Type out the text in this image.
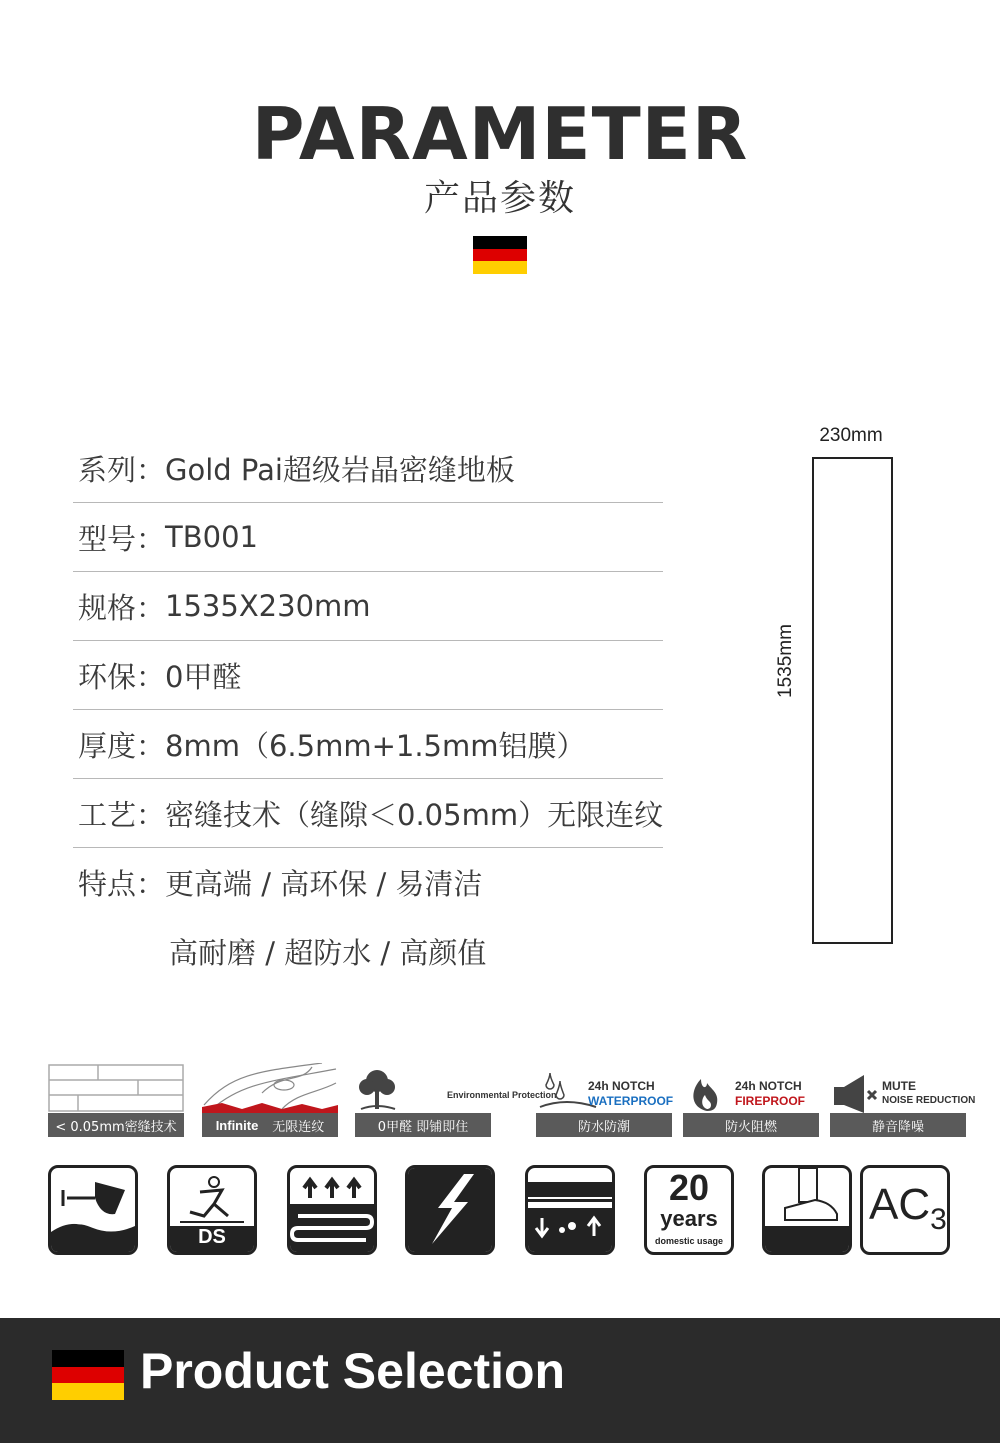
PARAMETER
产品参数
系列： Gold Pai超级岩晶密缝地板
型号： TB001
规格： 1535X230mm
环保： 0甲醛
厚度： 8mm（6.5mm+1.5mm铝膜）
工艺： 密缝技术（缝隙＜0.05mm）无限连纹
特点： 更高端 / 高环保 / 易清洁
高耐磨 / 超防水 / 高颜值
230mm
1535mm
< 0.05mm密缝技术	Infinite 无限连纹
Environmental Protection
0甲醛 即铺即住
24h NOTCH
WATERPROOF
防水防潮
24h NOTCH
FIREPROOF
防火阻燃
MUTE
NOISE REDUCTION
静音降噪
DS
20
years
domestic usage
$AC_3$
Product Selection
